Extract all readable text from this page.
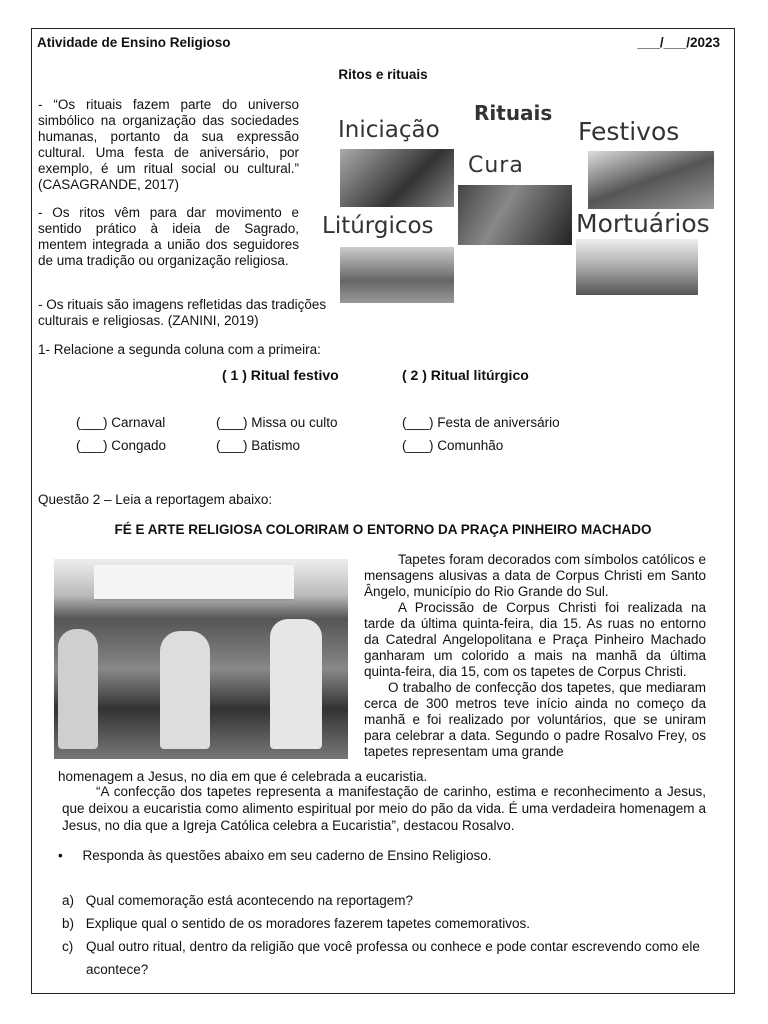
Atividade de Ensino Religioso	___/___/2023
Ritos e rituais
- “Os rituais fazem parte do universo simbólico na organização das sociedades humanas, portanto da sua expressão cultural. Uma festa de aniversário, por exemplo, é um ritual social ou cultural.” (CASAGRANDE, 2017)
- Os ritos vêm para dar movimento e sentido prático à ideia de Sagrado, mentem integrada a união dos seguidores de uma tradição ou organização religiosa.
- Os rituais são imagens refletidas das tradições culturais e religiosas. (ZANINI, 2019)
Rituais
Iniciação	Festivos
Cura
Litúrgicos	Mortuários
1- Relacione a segunda coluna com a primeira:
( 1 ) Ritual festivo	( 2 ) Ritual litúrgico
(___) Carnaval	(___) Missa ou culto	(___) Festa de aniversário
(___) Congado	(___) Batismo	(___) Comunhão
Questão 2 – Leia a reportagem abaixo:
FÉ E ARTE RELIGIOSA COLORIRAM O ENTORNO DA PRAÇA PINHEIRO MACHADO
Tapetes foram decorados com símbolos católicos e mensagens alusivas a data de Corpus Christi em Santo Ângelo, município do Rio Grande do Sul.
A Procissão de Corpus Christi foi realizada na tarde da última quinta-feira, dia 15. As ruas no entorno da Catedral Angelopolitana e Praça Pinheiro Machado ganharam um colorido a mais na manhã da última quinta-feira, dia 15, com os tapetes de Corpus Christi.
O trabalho de confecção dos tapetes, que mediaram cerca de 300 metros teve início ainda no começo da manhã e foi realizado por voluntários, que se uniram para celebrar a data. Segundo o padre Rosalvo Frey, os tapetes representam uma grande
homenagem a Jesus, no dia em que é celebrada a eucaristia.
“A confecção dos tapetes representa a manifestação de carinho, estima e reconhecimento a Jesus, que deixou a eucaristia como alimento espiritual por meio do pão da vida. É uma verdadeira homenagem a Jesus, no dia que a Igreja Católica celebra a Eucaristia”, destacou Rosalvo.
• Responda às questões abaixo em seu caderno de Ensino Religioso.
a) Qual comemoração está acontecendo na reportagem?
b) Explique qual o sentido de os moradores fazerem tapetes comemorativos.
c) Qual outro ritual, dentro da religião que você professa ou conhece e pode contar escrevendo como ele acontece?
